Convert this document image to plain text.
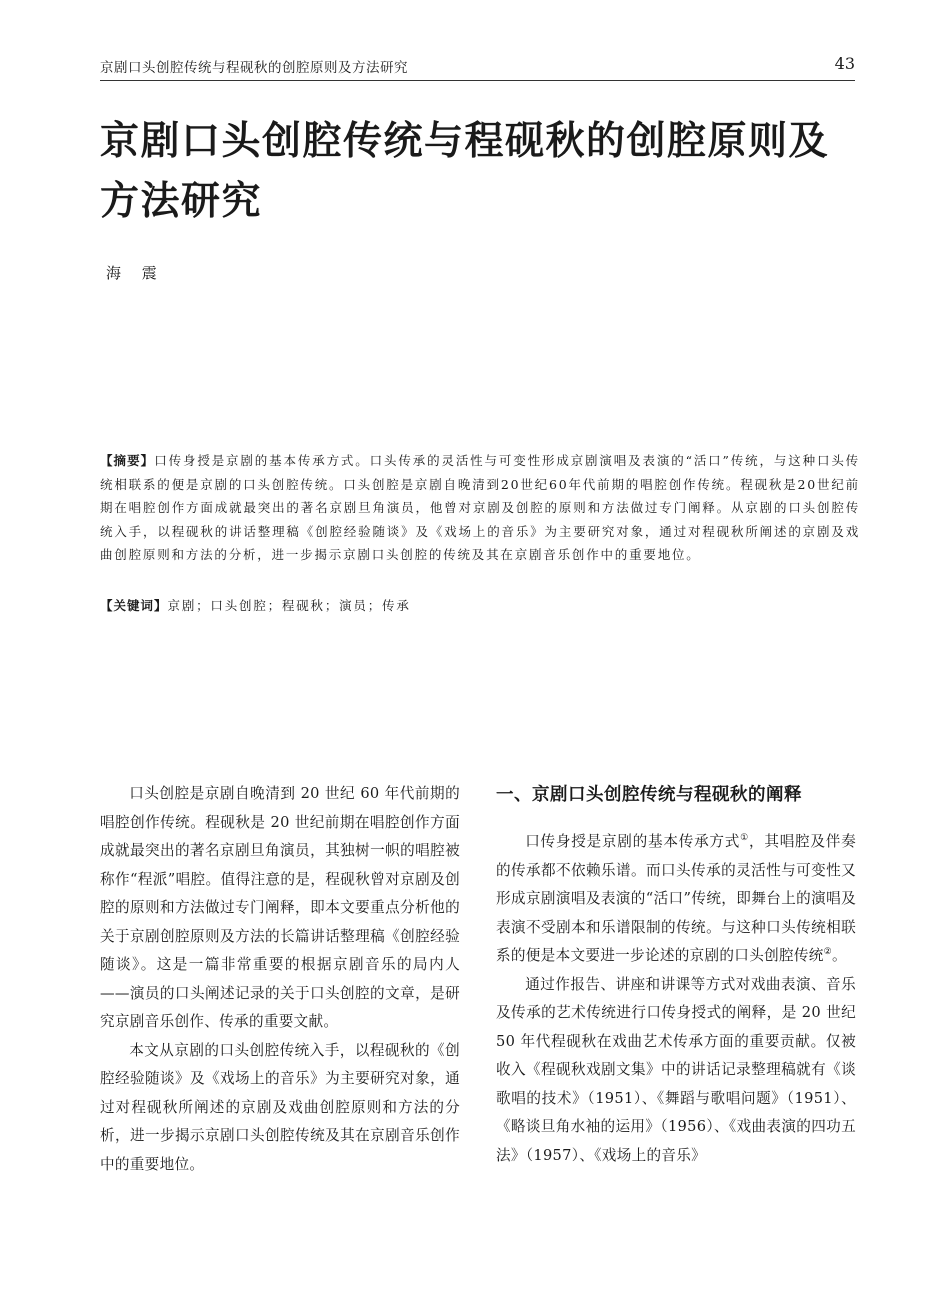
京剧口头创腔传统与程砚秋的创腔原则及方法研究	43
京剧口头创腔传统与程砚秋的创腔原则及方法研究
海 震

【摘要】口传身授是京剧的基本传承方式。口头传承的灵活性与可变性形成京剧演唱及表演的“活口”传统，与这种口头传统相联系的便是京剧的口头创腔传统。口头创腔是京剧自晚清到20世纪60年代前期的唱腔创作传统。程砚秋是20世纪前期在唱腔创作方面成就最突出的著名京剧旦角演员，他曾对京剧及创腔的原则和方法做过专门阐释。从京剧的口头创腔传统入手，以程砚秋的讲话整理稿《创腔经验随谈》及《戏场上的音乐》为主要研究对象，通过对程砚秋所阐述的京剧及戏曲创腔原则和方法的分析，进一步揭示京剧口头创腔的传统及其在京剧音乐创作中的重要地位。

【关键词】京剧；口头创腔；程砚秋；演员；传承

口头创腔是京剧自晚清到 20 世纪 60 年代前期的唱腔创作传统。程砚秋是 20 世纪前期在唱腔创作方面成就最突出的著名京剧旦角演员，其独树一帜的唱腔被称作“程派”唱腔。值得注意的是，程砚秋曾对京剧及创腔的原则和方法做过专门阐释，即本文要重点分析他的关于京剧创腔原则及方法的长篇讲话整理稿《创腔经验随谈》。这是一篇非常重要的根据京剧音乐的局内人——演员的口头阐述记录的关于口头创腔的文章，是研究京剧音乐创作、传承的重要文献。

本文从京剧的口头创腔传统入手，以程砚秋的《创腔经验随谈》及《戏场上的音乐》为主要研究对象，通过对程砚秋所阐述的京剧及戏曲创腔原则和方法的分析，进一步揭示京剧口头创腔传统及其在京剧音乐创作中的重要地位。

一、京剧口头创腔传统与程砚秋的阐释

口传身授是京剧的基本传承方式①，其唱腔及伴奏的传承都不依赖乐谱。而口头传承的灵活性与可变性又形成京剧演唱及表演的“活口”传统，即舞台上的演唱及表演不受剧本和乐谱限制的传统。与这种口头传统相联系的便是本文要进一步论述的京剧的口头创腔传统②。

通过作报告、讲座和讲课等方式对戏曲表演、音乐及传承的艺术传统进行口传身授式的阐释，是 20 世纪 50 年代程砚秋在戏曲艺术传承方面的重要贡献。仅被收入《程砚秋戏剧文集》中的讲话记录整理稿就有《谈歌唱的技术》（1951）、《舞蹈与歌唱问题》（1951）、《略谈旦角水袖的运用》（1956）、《戏曲表演的四功五法》（1957）、《戏场上的音乐》
